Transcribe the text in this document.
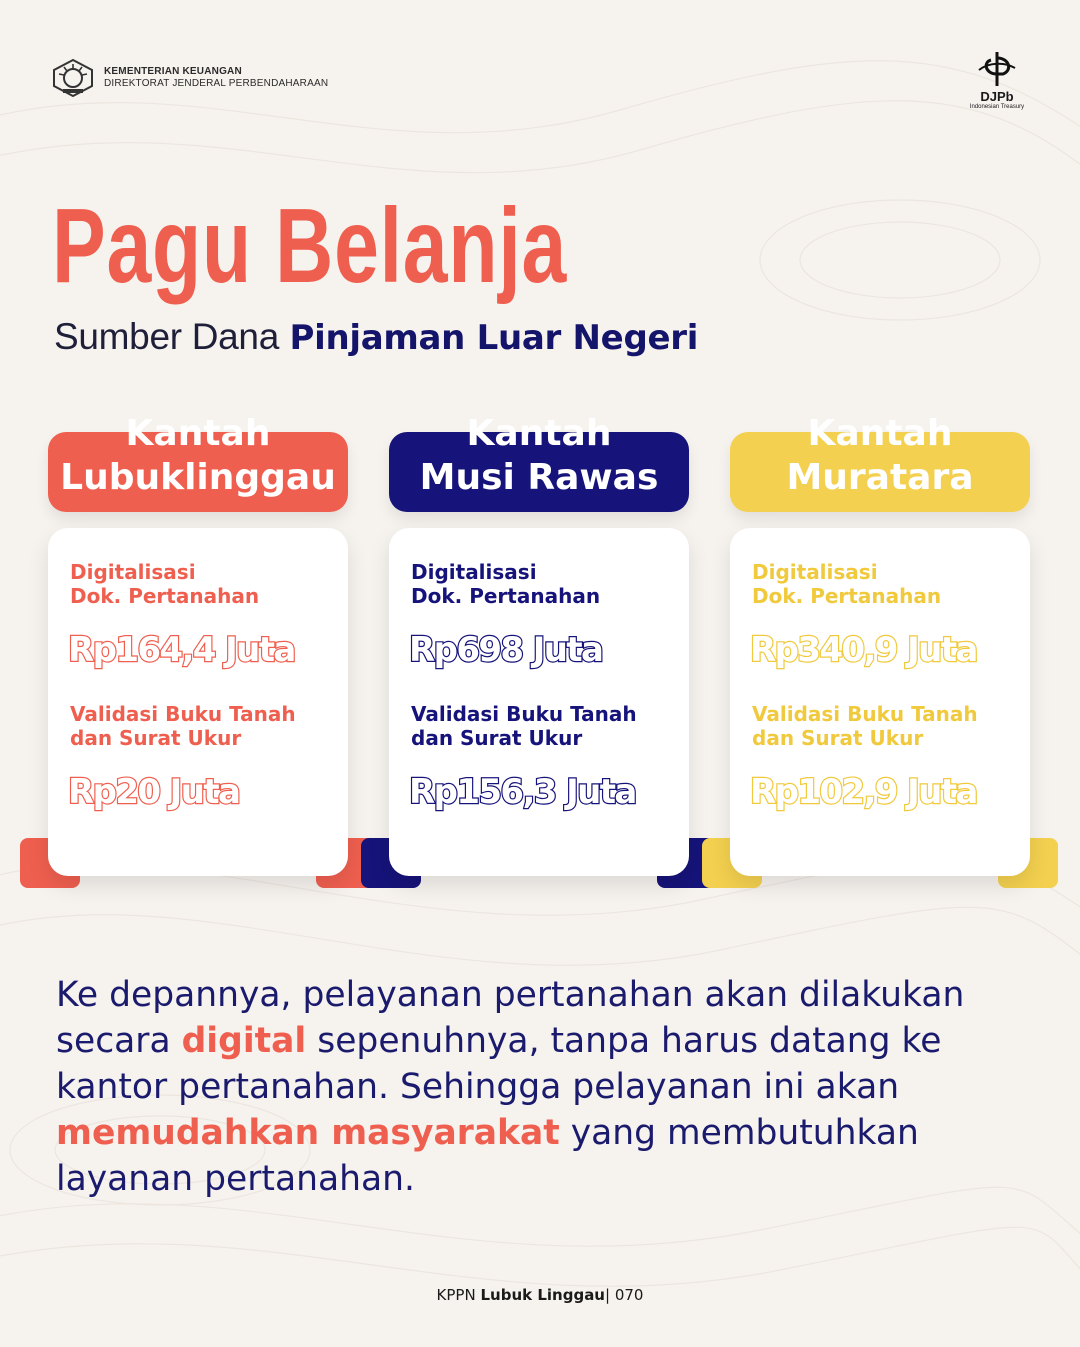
KEMENTERIAN KEUANGAN
DIREKTORAT JENDERAL PERBENDAHARAAN
DJPb
Indonesian Treasury
Pagu Belanja
Sumber Dana Pinjaman Luar Negeri
Kantah
Lubuklinggau
Digitalisasi
Dok. Pertanahan
Rp164,4 Juta
Validasi Buku Tanah
dan Surat Ukur
Rp20 Juta
Kantah
Musi Rawas
Digitalisasi
Dok. Pertanahan
Rp698 Juta
Validasi Buku Tanah
dan Surat Ukur
Rp156,3 Juta
Kantah
Muratara
Digitalisasi
Dok. Pertanahan
Rp340,9 Juta
Validasi Buku Tanah
dan Surat Ukur
Rp102,9 Juta

Ke depannya, pelayanan pertanahan akan dilakukan secara digital sepenuhnya, tanpa harus datang ke kantor pertanahan. Sehingga pelayanan ini akan memudahkan masyarakat yang membutuhkan layanan pertanahan.

KPPN Lubuk Linggau| 070
